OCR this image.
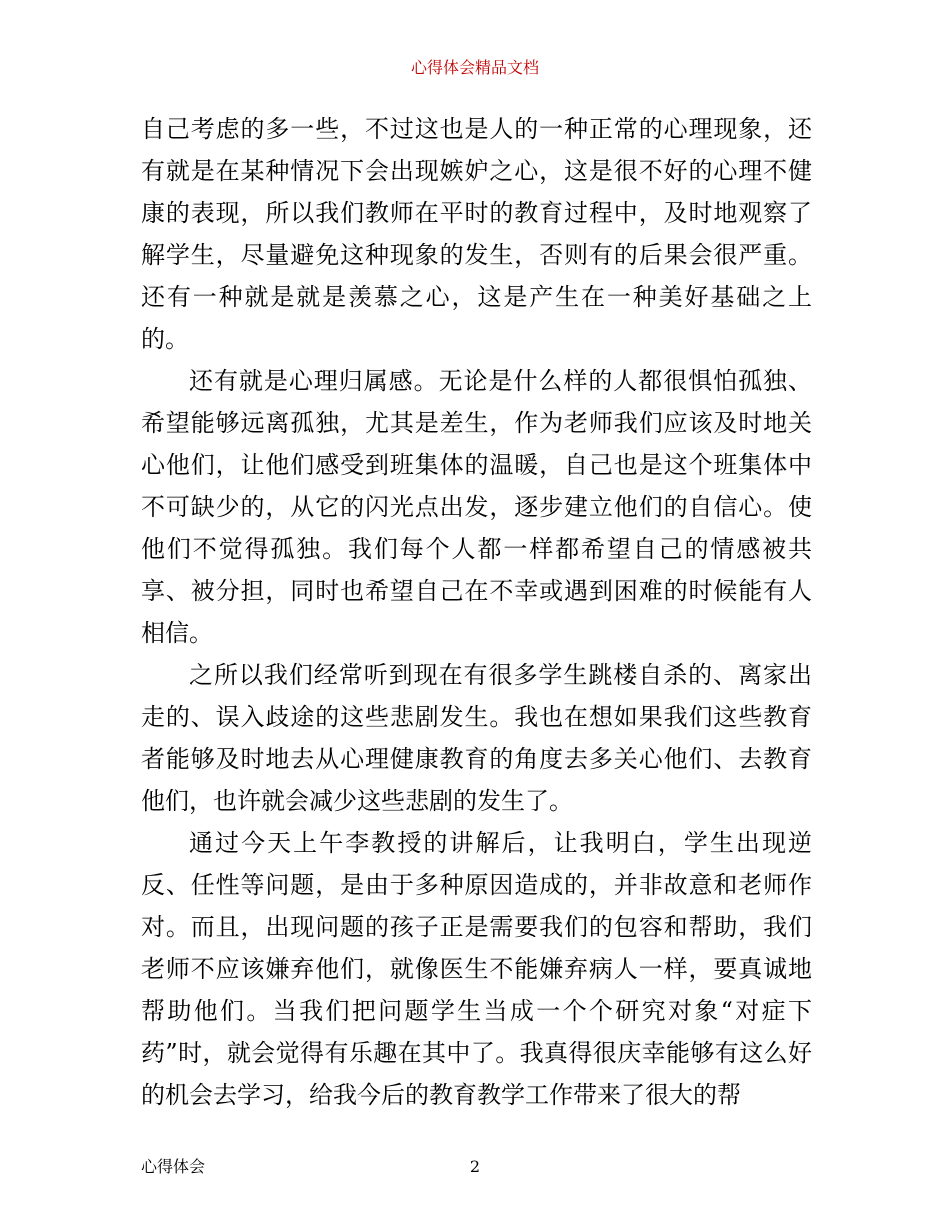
心得体会精品文档

自己考虑的多一些，不过这也是人的一种正常的心理现象，还有就是在某种情况下会出现嫉妒之心，这是很不好的心理不健康的表现，所以我们教师在平时的教育过程中，及时地观察了解学生，尽量避免这种现象的发生，否则有的后果会很严重。还有一种就是就是羡慕之心，这是产生在一种美好基础之上的。

还有就是心理归属感。无论是什么样的人都很惧怕孤独、希望能够远离孤独，尤其是差生，作为老师我们应该及时地关心他们，让他们感受到班集体的温暖，自己也是这个班集体中不可缺少的，从它的闪光点出发，逐步建立他们的自信心。使他们不觉得孤独。我们每个人都一样都希望自己的情感被共享、被分担，同时也希望自己在不幸或遇到困难的时候能有人相信。

之所以我们经常听到现在有很多学生跳楼自杀的、离家出走的、误入歧途的这些悲剧发生。我也在想如果我们这些教育者能够及时地去从心理健康教育的角度去多关心他们、去教育他们，也许就会减少这些悲剧的发生了。

通过今天上午李教授的讲解后，让我明白，学生出现逆反、任性等问题，是由于多种原因造成的，并非故意和老师作对。而且，出现问题的孩子正是需要我们的包容和帮助，我们老师不应该嫌弃他们，就像医生不能嫌弃病人一样，要真诚地帮助他们。当我们把问题学生当成一个个研究对象“对症下药”时，就会觉得有乐趣在其中了。我真得很庆幸能够有这么好的机会去学习，给我今后的教育教学工作带来了很大的帮

心得体会	2
